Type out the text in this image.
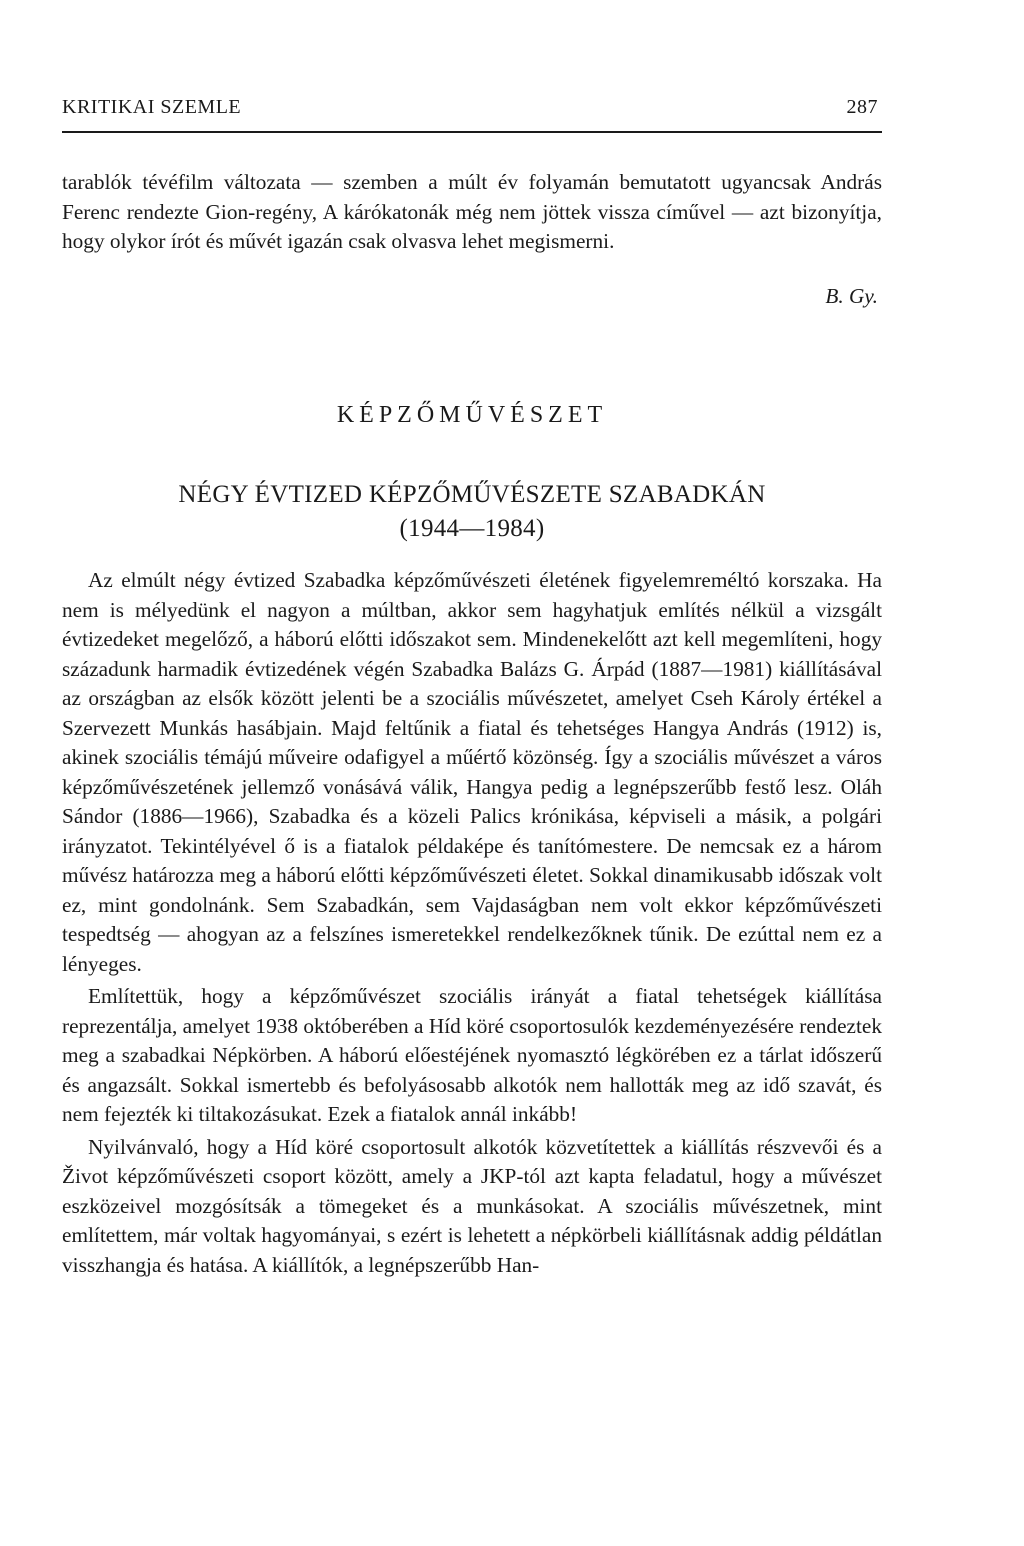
KRITIKAI SZEMLE	287

tarablók tévéfilm változata — szemben a múlt év folyamán bemutatott ugyancsak András Ferenc rendezte Gion-regény, A kárókatonák még nem jöttek vissza cíművel — azt bizonyítja, hogy olykor írót és művét igazán csak olvasva lehet megismerni.

B. Gy.
KÉPZŐMŰVÉSZET
NÉGY ÉVTIZED KÉPZŐMŰVÉSZETE SZABADKÁN
(1944—1984)

Az elmúlt négy évtized Szabadka képzőművészeti életének figyelemreméltó korszaka. Ha nem is mélyedünk el nagyon a múltban, akkor sem hagyhatjuk említés nélkül a vizsgált évtizedeket megelőző, a háború előtti időszakot sem. Mindenekelőtt azt kell megemlíteni, hogy századunk harmadik évtizedének végén Szabadka Balázs G. Árpád (1887—1981) kiállításával az országban az elsők között jelenti be a szociális művészetet, amelyet Cseh Károly értékel a Szervezett Munkás hasábjain. Majd feltűnik a fiatal és tehetséges Hangya András (1912) is, akinek szociális témájú műveire odafigyel a műértő közönség. Így a szociális művészet a város képzőművészetének jellemző vonásává válik, Hangya pedig a legnépszerűbb festő lesz. Oláh Sándor (1886—1966), Szabadka és a közeli Palics krónikása, képviseli a másik, a polgári irányzatot. Tekintélyével ő is a fiatalok példaképe és tanítómestere. De nemcsak ez a három művész határozza meg a háború előtti képzőművészeti életet. Sokkal dinamikusabb időszak volt ez, mint gondolnánk. Sem Szabadkán, sem Vajdaságban nem volt ekkor képzőművészeti tespedtség — ahogyan az a felszínes ismeretekkel rendelkezőknek tűnik. De ezúttal nem ez a lényeges.

Említettük, hogy a képzőművészet szociális irányát a fiatal tehetségek kiállítása reprezentálja, amelyet 1938 októberében a Híd köré csoportosulók kezdeményezésére rendeztek meg a szabadkai Népkörben. A háború előestéjének nyomasztó légkörében ez a tárlat időszerű és angazsált. Sokkal ismertebb és befolyásosabb alkotók nem hallották meg az idő szavát, és nem fejezték ki tiltakozásukat. Ezek a fiatalok annál inkább!

Nyilvánvaló, hogy a Híd köré csoportosult alkotók közvetítettek a kiállítás részvevői és a Život képzőművészeti csoport között, amely a JKP-tól azt kapta feladatul, hogy a művészet eszközeivel mozgósítsák a tömegeket és a munkásokat. A szociális művészetnek, mint említettem, már voltak hagyományai, s ezért is lehetett a népkörbeli kiállításnak addig példátlan visszhangja és hatása. A kiállítók, a legnépszerűbb Han-
